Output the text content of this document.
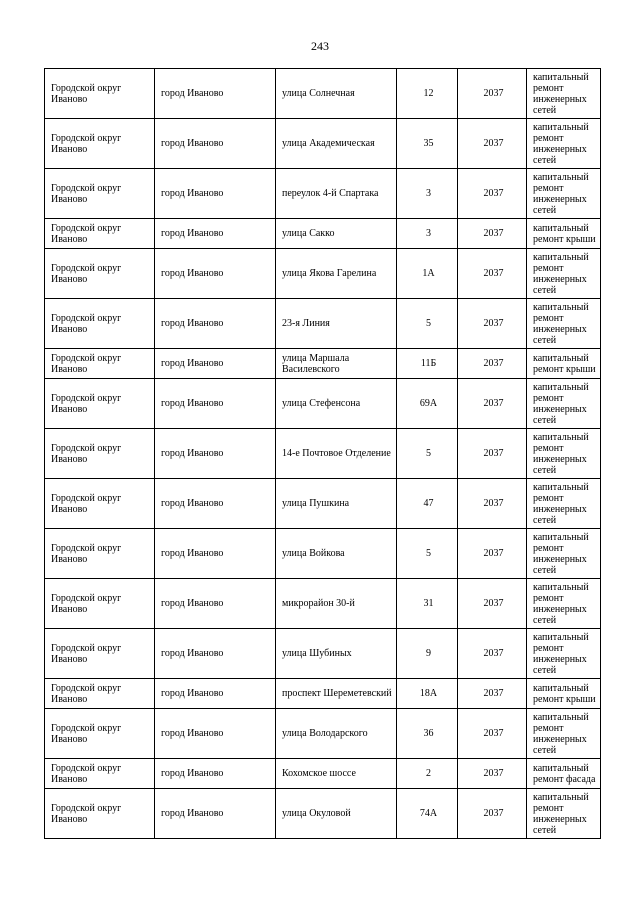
243
Городской округ Иваново	город Иваново	улица Солнечная	12	2037	капитальный ремонт инженерных сетей
Городской округ Иваново	город Иваново	улица Академическая	35	2037	капитальный ремонт инженерных сетей
Городской округ Иваново	город Иваново	переулок 4-й Спартака	3	2037	капитальный ремонт инженерных сетей
Городской округ Иваново	город Иваново	улица Сакко	3	2037	капитальный ремонт крыши
Городской округ Иваново	город Иваново	улица Якова Гарелина	1А	2037	капитальный ремонт инженерных сетей
Городской округ Иваново	город Иваново	23-я Линия	5	2037	капитальный ремонт инженерных сетей
Городской округ Иваново	город Иваново	улица Маршала Василевского	11Б	2037	капитальный ремонт крыши
Городской округ Иваново	город Иваново	улица Стефенсона	69А	2037	капитальный ремонт инженерных сетей
Городской округ Иваново	город Иваново	14-е Почтовое Отделение	5	2037	капитальный ремонт инженерных сетей
Городской округ Иваново	город Иваново	улица Пушкина	47	2037	капитальный ремонт инженерных сетей
Городской округ Иваново	город Иваново	улица Войкова	5	2037	капитальный ремонт инженерных сетей
Городской округ Иваново	город Иваново	микрорайон 30-й	31	2037	капитальный ремонт инженерных сетей
Городской округ Иваново	город Иваново	улица Шубиных	9	2037	капитальный ремонт инженерных сетей
Городской округ Иваново	город Иваново	проспект Шереметевский	18А	2037	капитальный ремонт крыши
Городской округ Иваново	город Иваново	улица Володарского	36	2037	капитальный ремонт инженерных сетей
Городской округ Иваново	город Иваново	Кохомское шоссе	2	2037	капитальный ремонт фасада
Городской округ Иваново	город Иваново	улица Окуловой	74А	2037	капитальный ремонт инженерных сетей
